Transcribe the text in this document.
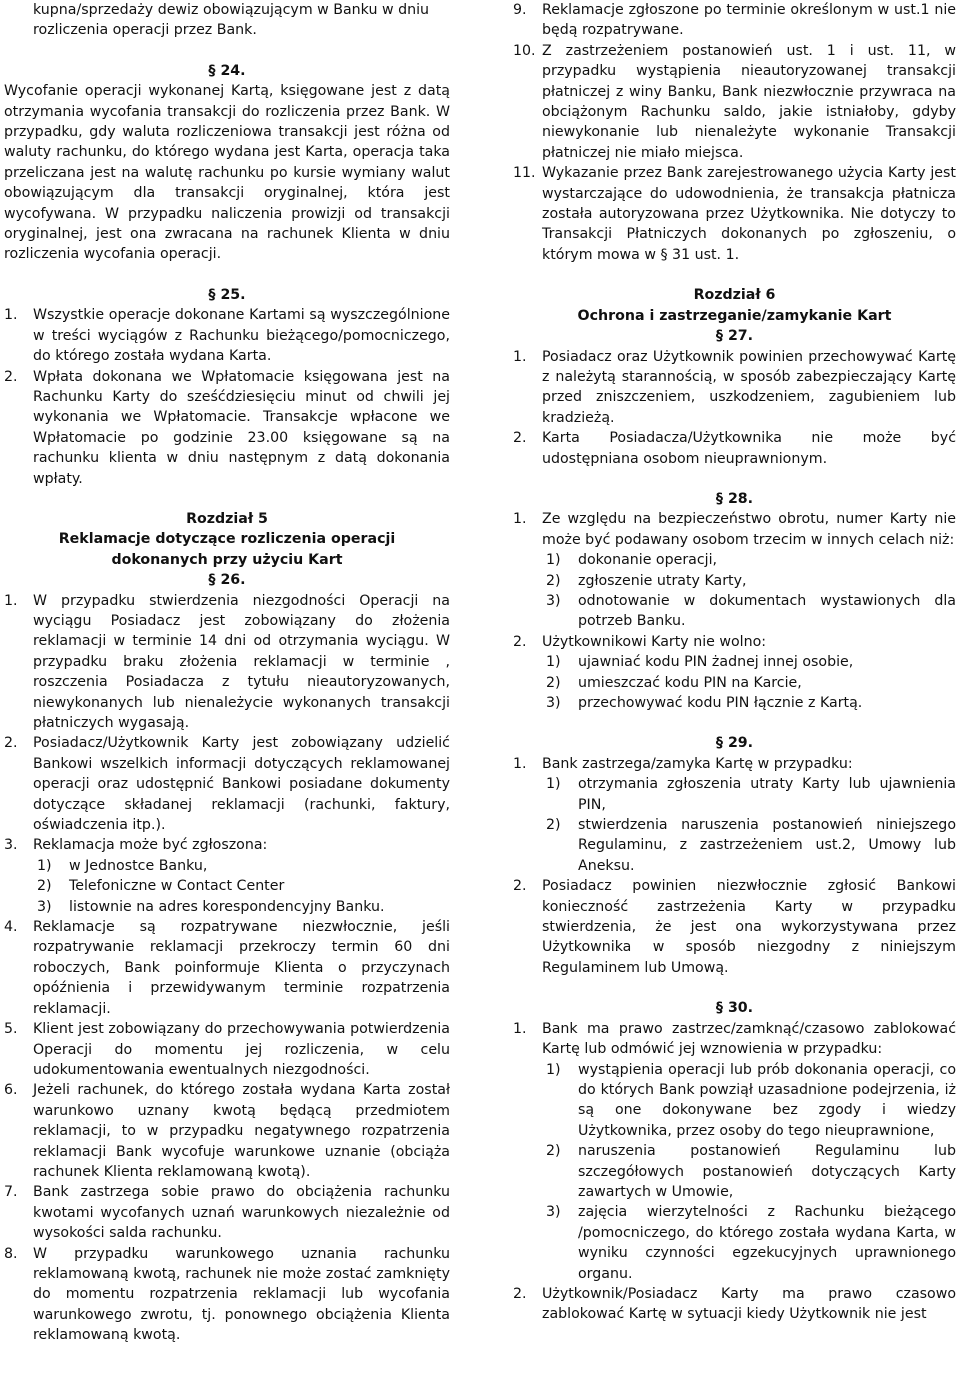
kupna/sprzedaży dewiz obowiązującym w Banku w dniu

rozliczenia operacji przez Bank.

§ 24.

Wycofanie operacji wykonanej Kartą, księgowane jest z datą otrzymania wycofania transakcji do rozliczenia przez Bank. W przypadku, gdy waluta rozliczeniowa transakcji jest różna od waluty rachunku, do którego wydana jest Karta, operacja taka przeliczana jest na walutę rachunku po kursie wymiany walut obowiązującym dla transakcji oryginalnej, która jest wycofywana. W przypadku naliczenia prowizji od transakcji oryginalnej, jest ona zwracana na rachunek Klienta w dniu rozliczenia wycofania operacji.

§ 25.
1. Wszystkie operacje dokonane Kartami są wyszczególnione w treści wyciągów z Rachunku bieżącego/pomocniczego, do którego została wydana Karta.
2. Wpłata dokonana we Wpłatomacie księgowana jest na Rachunku Karty do sześćdziesięciu minut od chwili jej wykonania we Wpłatomacie. Transakcje wpłacone we Wpłatomacie po godzinie 23.00 księgowane są na rachunku klienta w dniu następnym z datą dokonania wpłaty.
Rozdział 5
Reklamacje dotyczące rozliczenia operacji
dokonanych przy użyciu Kart
§ 26.
1. W przypadku stwierdzenia niezgodności Operacji na wyciągu Posiadacz jest zobowiązany do złożenia reklamacji w terminie 14 dni od otrzymania wyciągu. W przypadku braku złożenia reklamacji w terminie , roszczenia Posiadacza z tytułu nieautoryzowanych, niewykonanych lub nienależycie wykonanych transakcji płatniczych wygasają.
2. Posiadacz/Użytkownik Karty jest zobowiązany udzielić Bankowi wszelkich informacji dotyczących reklamowanej operacji oraz udostępnić Bankowi posiadane dokumenty dotyczące składanej reklamacji (rachunki, faktury, oświadczenia itp.).
3. Reklamacja może być zgłoszona:
1) w Jednostce Banku,
2) Telefoniczne w Contact Center
3) listownie na adres korespondencyjny Banku.
4. Reklamacje są rozpatrywane niezwłocznie, jeśli rozpatrywanie reklamacji przekroczy termin 60 dni roboczych, Bank poinformuje Klienta o przyczynach opóźnienia i przewidywanym terminie rozpatrzenia reklamacji.
5. Klient jest zobowiązany do przechowywania potwierdzenia Operacji do momentu jej rozliczenia, w celu udokumentowania ewentualnych niezgodności.
6. Jeżeli rachunek, do którego została wydana Karta został warunkowo uznany kwotą będącą przedmiotem reklamacji, to w przypadku negatywnego rozpatrzenia reklamacji Bank wycofuje warunkowe uznanie (obciąża rachunek Klienta reklamowaną kwotą).
7. Bank zastrzega sobie prawo do obciążenia rachunku kwotami wycofanych uznań warunkowych niezależnie od wysokości salda rachunku.
8. W przypadku warunkowego uznania rachunku reklamowaną kwotą, rachunek nie może zostać zamknięty do momentu rozpatrzenia reklamacji lub wycofania warunkowego zwrotu, tj. ponownego obciążenia Klienta reklamowaną kwotą.
9. Reklamacje zgłoszone po terminie określonym w ust.1 nie będą rozpatrywane.
10. Z zastrzeżeniem postanowień ust. 1 i ust. 11, w przypadku wystąpienia nieautoryzowanej transakcji płatniczej z winy Banku, Bank niezwłocznie przywraca na obciążonym Rachunku saldo, jakie istniałoby, gdyby niewykonanie lub nienależyte wykonanie Transakcji płatniczej nie miało miejsca.
11. Wykazanie przez Bank zarejestrowanego użycia Karty jest wystarczające do udowodnienia, że transakcja płatnicza została autoryzowana przez Użytkownika. Nie dotyczy to Transakcji Płatniczych dokonanych po zgłoszeniu, o którym mowa w § 31 ust. 1.
Rozdział 6
Ochrona i zastrzeganie/zamykanie Kart
§ 27.
1. Posiadacz oraz Użytkownik powinien przechowywać Kartę z należytą starannością, w sposób zabezpieczający Kartę przed zniszczeniem, uszkodzeniem, zagubieniem lub kradzieżą.
2. Karta Posiadacza/Użytkownika nie może być udostępniana osobom nieuprawnionym.
§ 28.
1. Ze względu na bezpieczeństwo obrotu, numer Karty nie może być podawany osobom trzecim w innych celach niż:
1) dokonanie operacji,
2) zgłoszenie utraty Karty,
3) odnotowanie w dokumentach wystawionych dla potrzeb Banku.
2. Użytkownikowi Karty nie wolno:
1) ujawniać kodu PIN żadnej innej osobie,
2) umieszczać kodu PIN na Karcie,
3) przechowywać kodu PIN łącznie z Kartą.
§ 29.
1. Bank zastrzega/zamyka Kartę w przypadku:
1) otrzymania zgłoszenia utraty Karty lub ujawnienia PIN,
2) stwierdzenia naruszenia postanowień niniejszego Regulaminu, z zastrzeżeniem ust.2, Umowy lub Aneksu.
2. Posiadacz powinien niezwłocznie zgłosić Bankowi konieczność zastrzeżenia Karty w przypadku stwierdzenia, że jest ona wykorzystywana przez Użytkownika w sposób niezgodny z niniejszym Regulaminem lub Umową.
§ 30.
1. Bank ma prawo zastrzec/zamknąć/czasowo zablokować Kartę lub odmówić jej wznowienia w przypadku:
1) wystąpienia operacji lub prób dokonania operacji, co do których Bank powziął uzasadnione podejrzenia, iż są one dokonywane bez zgody i wiedzy Użytkownika, przez osoby do tego nieuprawnione,
2) naruszenia postanowień Regulaminu lub szczegółowych postanowień dotyczących Karty zawartych w Umowie,
3) zajęcia wierzytelności z Rachunku bieżącego /pomocniczego, do którego została wydana Karta, w wyniku czynności egzekucyjnych uprawnionego organu.
2. Użytkownik/Posiadacz Karty ma prawo czasowo zablokować Kartę w sytuacji kiedy Użytkownik nie jest
